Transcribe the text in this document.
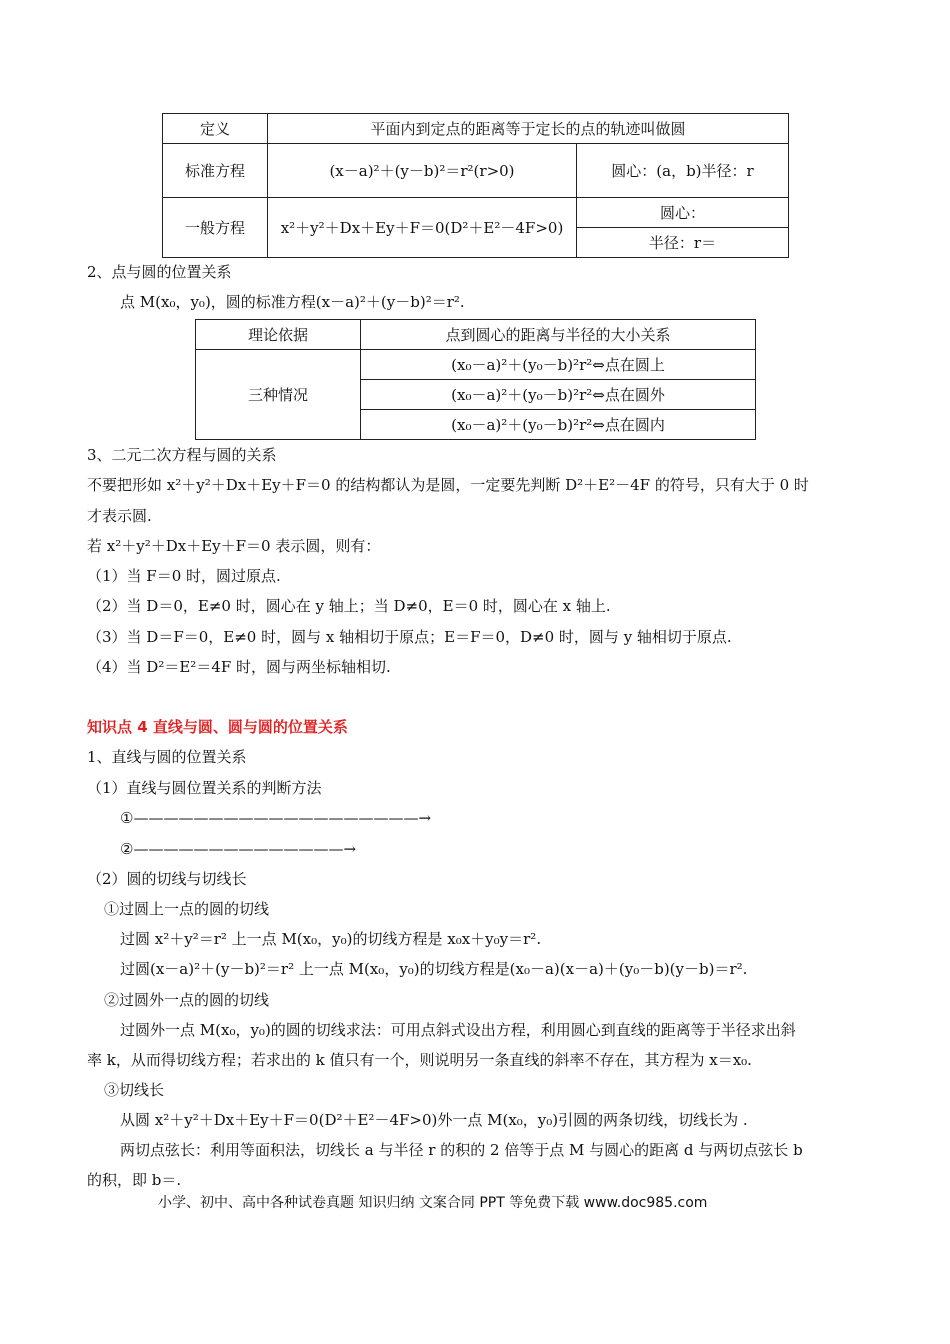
定义	平面内到定点的距离等于定长的点的轨迹叫做圆	
标准方程	(x－a)²＋(y－b)²＝r²(r>0)	圆心：(a，b)半径：r
一般方程	x²＋y²＋Dx＋Ey＋F＝0(D²＋E²－4F>0)	圆心：
		半径：r＝
2、点与圆的位置关系
点 M(x₀，y₀)，圆的标准方程(x－a)²＋(y－b)²＝r².
理论依据	点到圆心的距离与半径的大小关系
三种情况	(x₀－a)²＋(y₀－b)²r²⇔点在圆上
	(x₀－a)²＋(y₀－b)²r²⇔点在圆外
	(x₀－a)²＋(y₀－b)²r²⇔点在圆内
3、二元二次方程与圆的关系
不要把形如 x²＋y²＋Dx＋Ey＋F＝0 的结构都认为是圆，一定要先判断 D²＋E²－4F 的符号，只有大于 0 时
才表示圆.
若 x²＋y²＋Dx＋Ey＋F＝0 表示圆，则有：
（1）当 F＝0 时，圆过原点.
（2）当 D＝0，E≠0 时，圆心在 y 轴上；当 D≠0，E＝0 时，圆心在 x 轴上.
（3）当 D＝F＝0，E≠0 时，圆与 x 轴相切于原点；E＝F＝0，D≠0 时，圆与 y 轴相切于原点.
（4）当 D²＝E²＝4F 时，圆与两坐标轴相切.
知识点 4 直线与圆、圆与圆的位置关系
1、直线与圆的位置关系
（1）直线与圆位置关系的判断方法
①———————————————————→
②——————————————→
（2）圆的切线与切线长
①过圆上一点的圆的切线
过圆 x²＋y²＝r² 上一点 M(x₀，y₀)的切线方程是 x₀x＋y₀y＝r².
过圆(x－a)²＋(y－b)²＝r² 上一点 M(x₀，y₀)的切线方程是(x₀－a)(x－a)＋(y₀－b)(y－b)＝r².
②过圆外一点的圆的切线
过圆外一点 M(x₀，y₀)的圆的切线求法：可用点斜式设出方程，利用圆心到直线的距离等于半径求出斜
率 k，从而得切线方程；若求出的 k 值只有一个，则说明另一条直线的斜率不存在，其方程为 x＝x₀.
③切线长
从圆 x²＋y²＋Dx＋Ey＋F＝0(D²＋E²－4F>0)外一点 M(x₀，y₀)引圆的两条切线，切线长为 .
两切点弦长：利用等面积法，切线长 a 与半径 r 的积的 2 倍等于点 M 与圆心的距离 d 与两切点弦长 b
的积，即 b＝.
小学、初中、高中各种试卷真题 知识归纳 文案合同 PPT 等免费下载 www.doc985.com
